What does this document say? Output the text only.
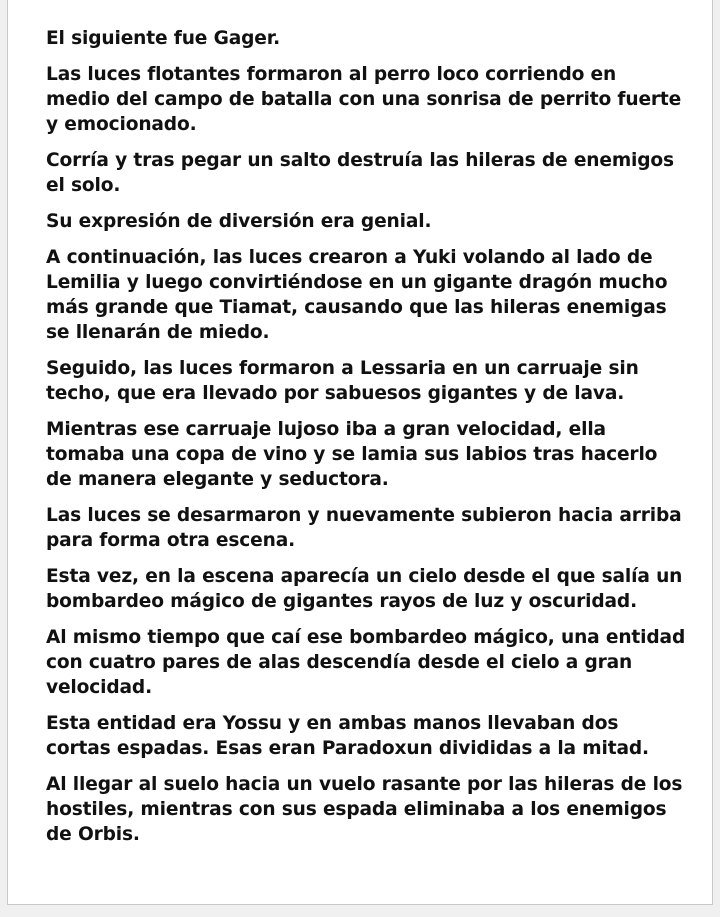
El siguiente fue Gager.

Las luces flotantes formaron al perro loco corriendo en medio del campo de batalla con una sonrisa de perrito fuerte y emocionado.

Corría y tras pegar un salto destruía las hileras de enemigos el solo.

Su expresión de diversión era genial.

A continuación, las luces crearon a Yuki volando al lado de Lemilia y luego convirtiéndose en un gigante dragón mucho más grande que Tiamat, causando que las hileras enemigas se llenarán de miedo.

Seguido, las luces formaron a Lessaria en un carruaje sin techo, que era llevado por sabuesos gigantes y de lava.

Mientras ese carruaje lujoso iba a gran velocidad, ella tomaba una copa de vino y se lamia sus labios tras hacerlo de manera elegante y seductora.

Las luces se desarmaron y nuevamente subieron hacia arriba para forma otra escena.

Esta vez, en la escena aparecía un cielo desde el que salía un bombardeo mágico de gigantes rayos de luz y oscuridad.

Al mismo tiempo que caí ese bombardeo mágico, una entidad con cuatro pares de alas descendía desde el cielo a gran velocidad.

Esta entidad era Yossu y en ambas manos llevaban dos cortas espadas. Esas eran Paradoxun divididas a la mitad.

Al llegar al suelo hacia un vuelo rasante por las hileras de los hostiles, mientras con sus espada eliminaba a los enemigos de Orbis.
